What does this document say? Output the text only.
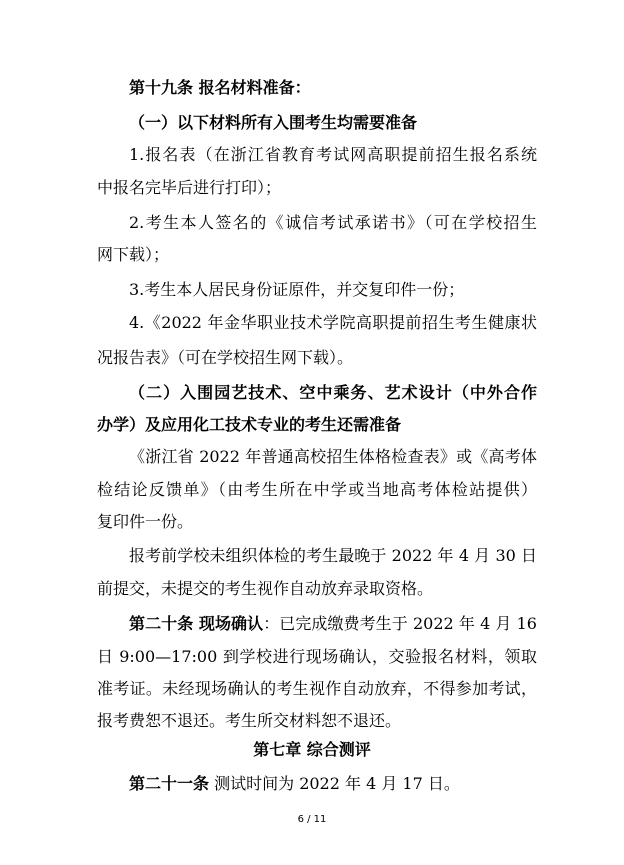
第十九条 报名材料准备：
（一）以下材料所有入围考生均需要准备
1.报名表（在浙江省教育考试网高职提前招生报名系统
中报名完毕后进行打印）；
2.考生本人签名的《诚信考试承诺书》（可在学校招生
网下载）；
3.考生本人居民身份证原件，并交复印件一份；
4.《2022 年金华职业技术学院高职提前招生考生健康状
况报告表》（可在学校招生网下载）。
（二）入围园艺技术、空中乘务、艺术设计（中外合作
办学）及应用化工技术专业的考生还需准备
《浙江省 2022 年普通高校招生体格检查表》或《高考体
检结论反馈单》（由考生所在中学或当地高考体检站提供）
复印件一份。
报考前学校未组织体检的考生最晚于 2022 年 4 月 30 日
前提交，未提交的考生视作自动放弃录取资格。
第二十条 现场确认：已完成缴费考生于 2022 年 4 月 16
日 9:00—17:00 到学校进行现场确认，交验报名材料，领取
准考证。未经现场确认的考生视作自动放弃，不得参加考试，
报考费恕不退还。考生所交材料恕不退还。
第七章 综合测评
第二十一条 测试时间为 2022 年 4 月 17 日。
6 / 11
